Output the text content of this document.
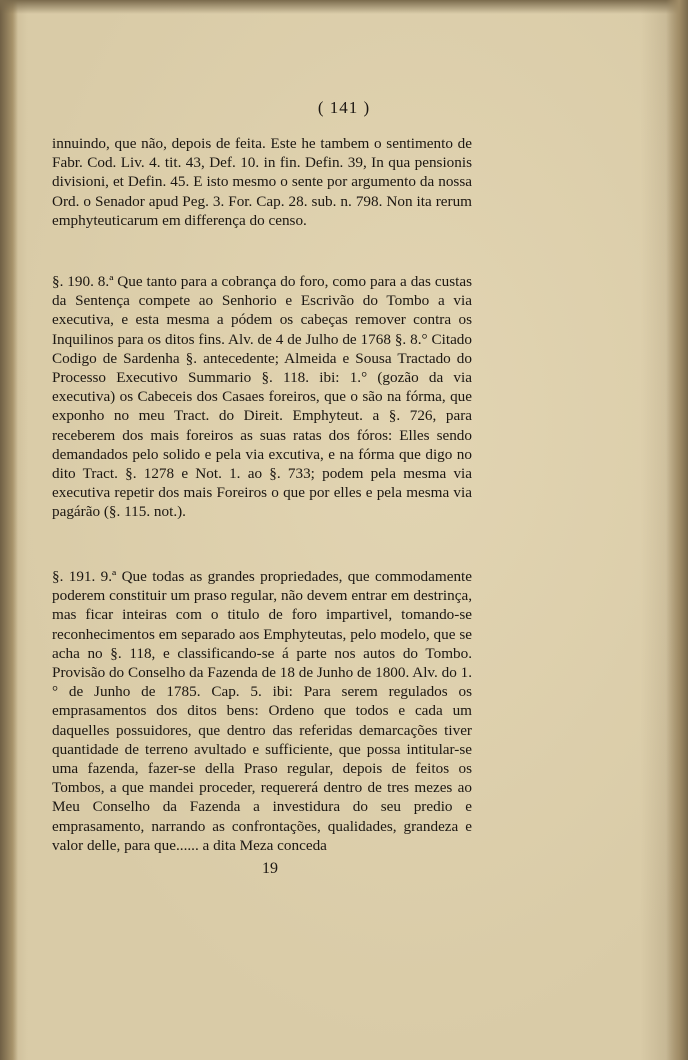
( 141 )
innuindo, que não, depois de feita. Este he tambem o sentimento de Fabr. Cod. Liv. 4. tit. 43, Def. 10. in fin. Defin. 39, In qua pensionis divisioni, et Defin. 45. E isto mesmo o sente por argumento da nossa Ord. o Senador apud Peg. 3. For. Cap. 28. sub. n. 798. Non ita rerum emphyteuticarum em differença do censo.
§. 190. 8.ª Que tanto para a cobrança do foro, como para a das custas da Sentença compete ao Senhorio e Escrivão do Tombo a via executiva, e esta mesma a pódem os cabeças remover contra os Inquilinos para os ditos fins. Alv. de 4 de Julho de 1768 §. 8.° Citado Codigo de Sardenha §. antecedente; Almeida e Sousa Tractado do Processo Executivo Summario §. 118. ibi: 1.° (gozão da via executiva) os Cabeceis dos Casaes foreiros, que o são na fórma, que exponho no meu Tract. do Direit. Emphyteut. a §. 726, para receberem dos mais foreiros as suas ratas dos fóros: Elles sendo demandados pelo solido e pela via excutiva, e na fórma que digo no dito Tract. §. 1278 e Not. 1. ao §. 733; podem pela mesma via executiva repetir dos mais Foreiros o que por elles e pela mesma via pagárão (§. 115. not.).
§. 191. 9.ª Que todas as grandes propriedades, que commodamente poderem constituir um praso regular, não devem entrar em destrinça, mas ficar inteiras com o titulo de foro impartivel, tomando-se reconhecimentos em separado aos Emphyteutas, pelo modelo, que se acha no §. 118, e classificando-se á parte nos autos do Tombo. Provisão do Conselho da Fazenda de 18 de Junho de 1800. Alv. do 1.° de Junho de 1785. Cap. 5. ibi: Para serem regulados os emprasamentos dos ditos bens: Ordeno que todos e cada um daquelles possuidores, que dentro das referidas demarcações tiver quantidade de terreno avultado e sufficiente, que possa intitular-se uma fazenda, fazer-se della Praso regular, depois de feitos os Tombos, a que mandei proceder, requererá dentro de tres mezes ao Meu Conselho da Fazenda a investidura do seu predio e emprasamento, narrando as confrontações, qualidades, grandeza e valor delle, para que...... a dita Meza conceda
19
